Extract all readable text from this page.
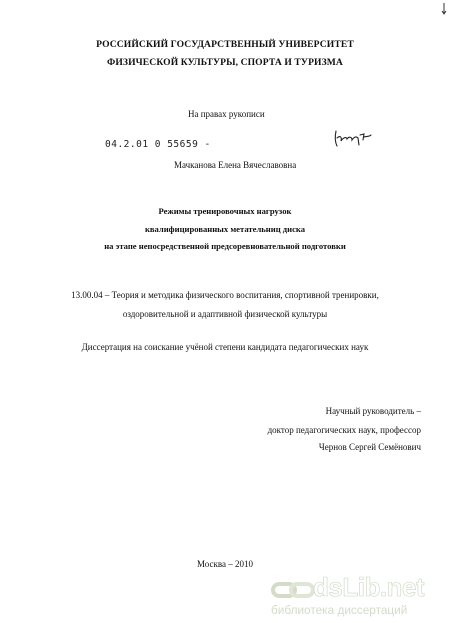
РОССИЙСКИЙ ГОСУДАРСТВЕННЫЙ УНИВЕРСИТЕТ
ФИЗИЧЕСКОЙ КУЛЬТУРЫ, СПОРТА И ТУРИЗМА
На правах рукописи
04.2.01 0 55659 -
Мачканова Елена Вячеславовна
Режимы тренировочных нагрузок
квалифицированных метательниц диска
на этапе непосредственной предсоревновательной подготовки
13.00.04 – Теория и методика физического воспитания, спортивной тренировки,
оздоровительной и адаптивной физической культуры
Диссертация на соискание учёной степени кандидата педагогических наук
Научный руководитель –
доктор педагогических наук, профессор
Чернов Сергей Семёнович
Москва – 2010
dsLib.net
библиотека диссертаций
